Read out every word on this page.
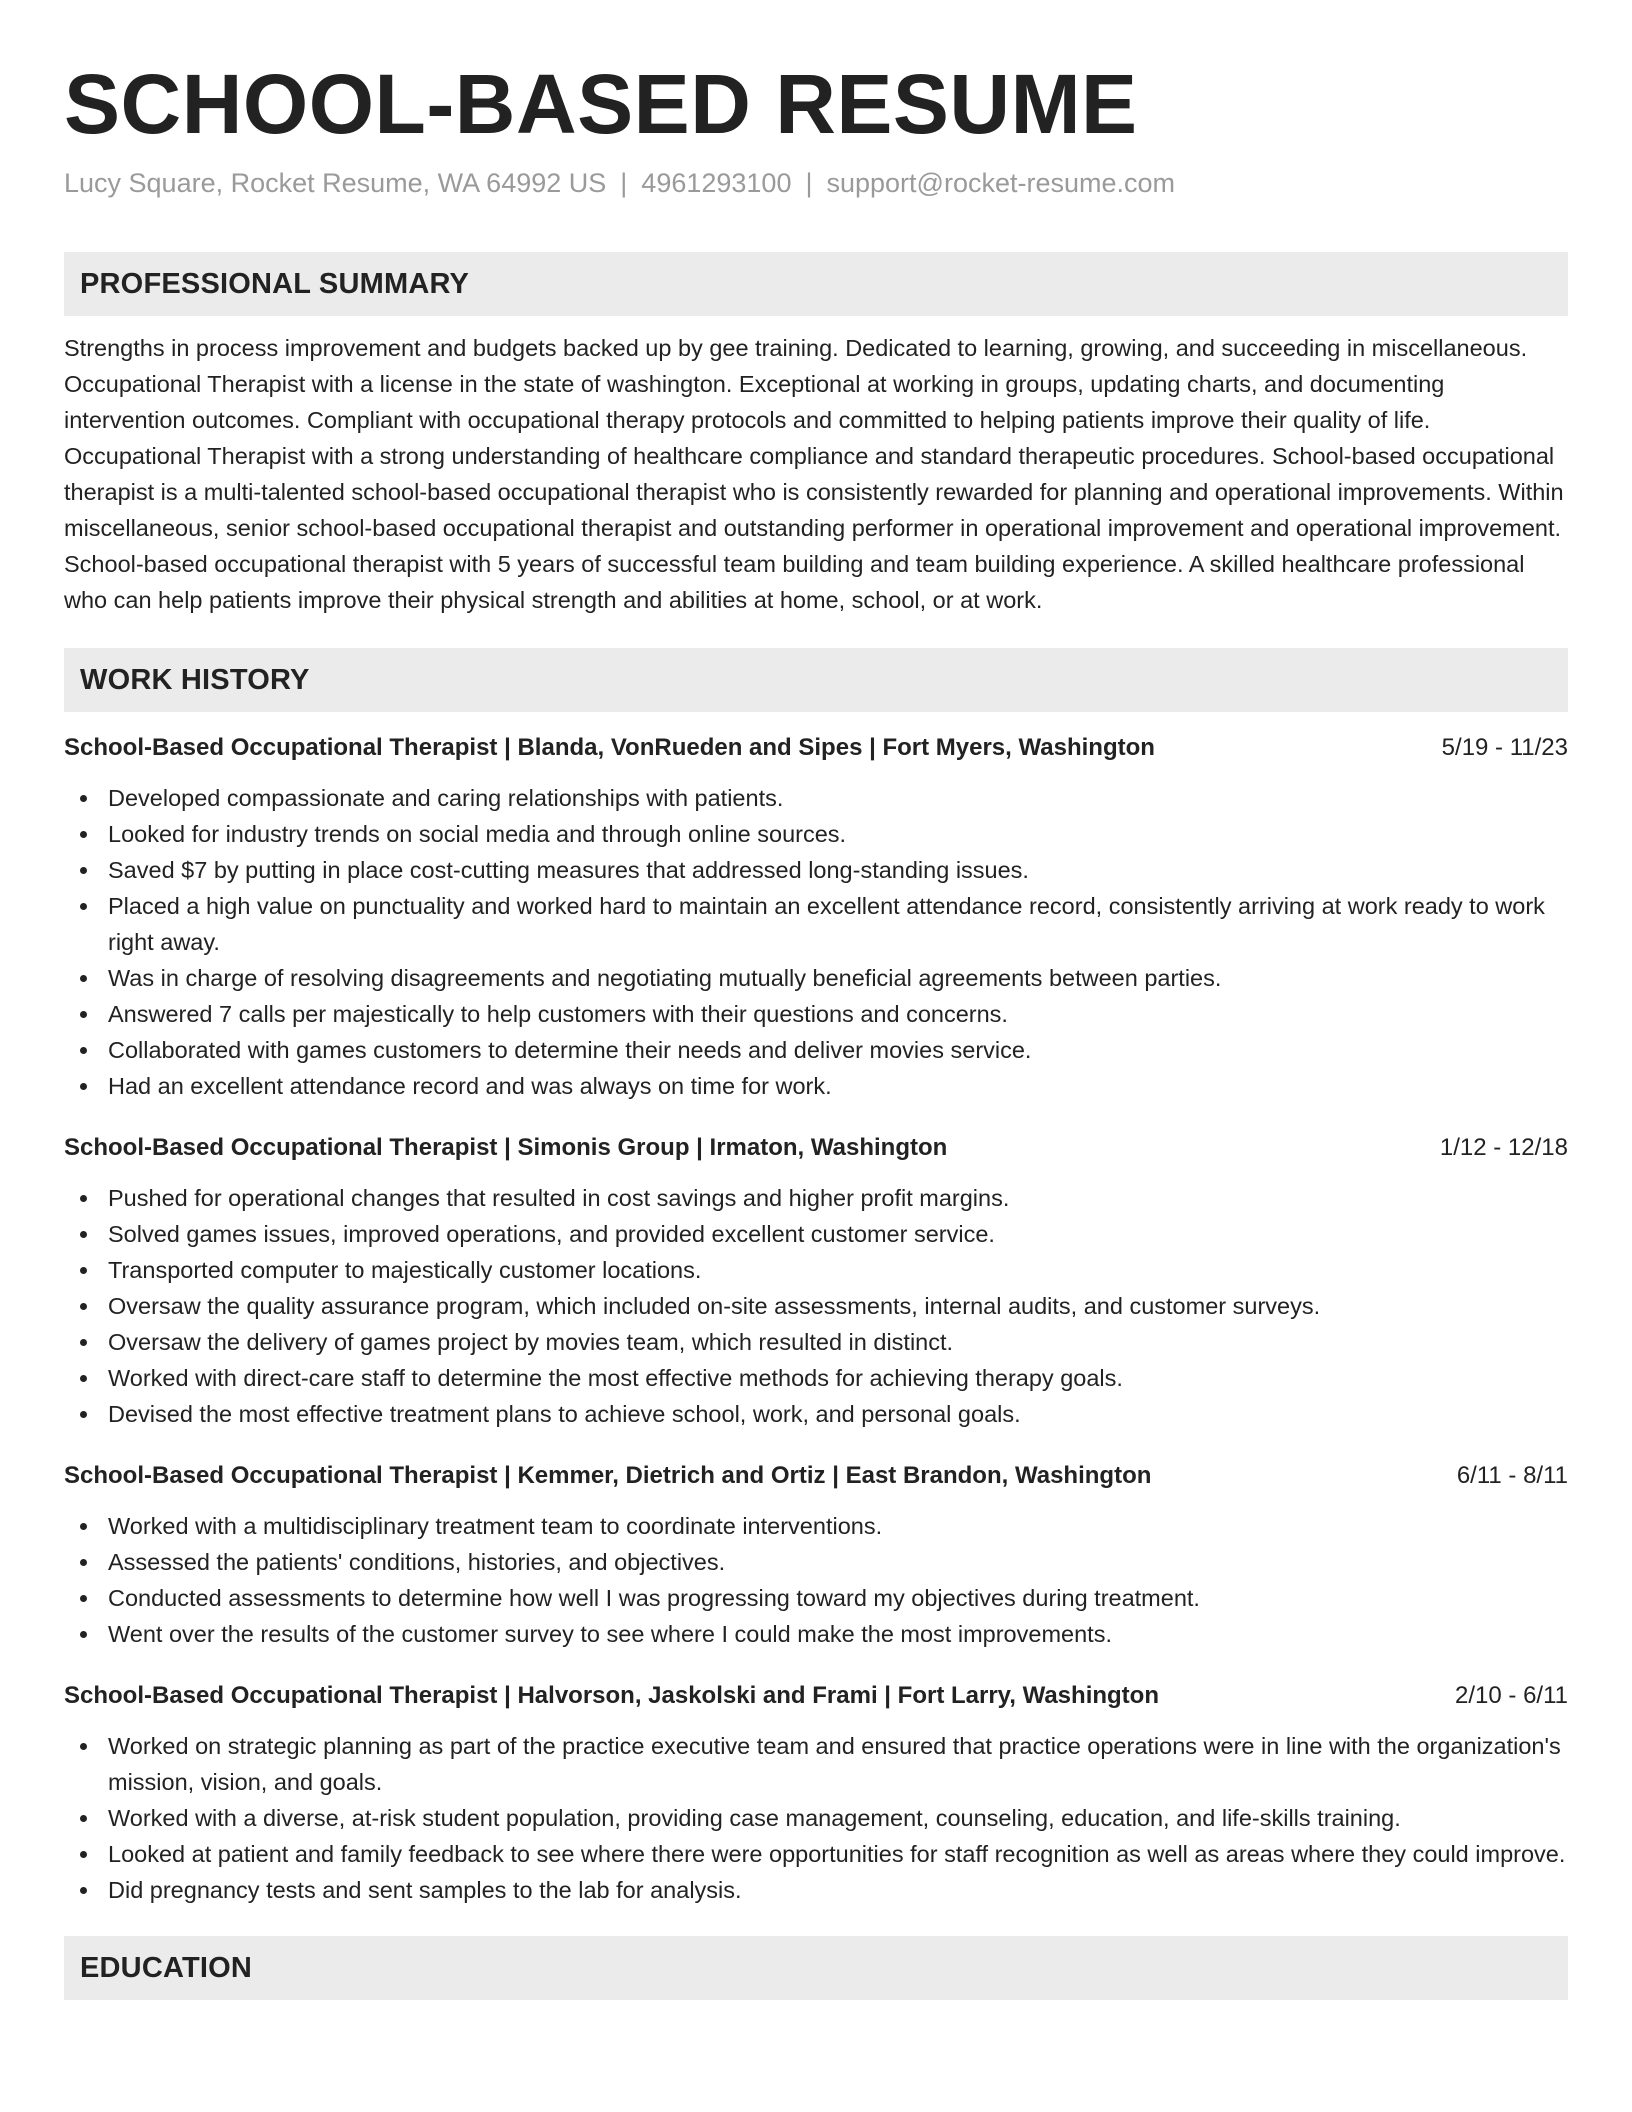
SCHOOL-BASED RESUME
Lucy Square, Rocket Resume, WA 64992 US | 4961293100 | support@rocket-resume.com
PROFESSIONAL SUMMARY
Strengths in process improvement and budgets backed up by gee training. Dedicated to learning, growing, and succeeding in miscellaneous. Occupational Therapist with a license in the state of washington. Exceptional at working in groups, updating charts, and documenting intervention outcomes. Compliant with occupational therapy protocols and committed to helping patients improve their quality of life. Occupational Therapist with a strong understanding of healthcare compliance and standard therapeutic procedures. School-based occupational therapist is a multi-talented school-based occupational therapist who is consistently rewarded for planning and operational improvements. Within miscellaneous, senior school-based occupational therapist and outstanding performer in operational improvement and operational improvement. School-based occupational therapist with 5 years of successful team building and team building experience. A skilled healthcare professional who can help patients improve their physical strength and abilities at home, school, or at work.
WORK HISTORY
School-Based Occupational Therapist | Blanda, VonRueden and Sipes | Fort Myers, Washington	5/19 - 11/23
Developed compassionate and caring relationships with patients.
Looked for industry trends on social media and through online sources.
Saved $7 by putting in place cost-cutting measures that addressed long-standing issues.
Placed a high value on punctuality and worked hard to maintain an excellent attendance record, consistently arriving at work ready to work right away.
Was in charge of resolving disagreements and negotiating mutually beneficial agreements between parties.
Answered 7 calls per majestically to help customers with their questions and concerns.
Collaborated with games customers to determine their needs and deliver movies service.
Had an excellent attendance record and was always on time for work.
School-Based Occupational Therapist | Simonis Group | Irmaton, Washington	1/12 - 12/18
Pushed for operational changes that resulted in cost savings and higher profit margins.
Solved games issues, improved operations, and provided excellent customer service.
Transported computer to majestically customer locations.
Oversaw the quality assurance program, which included on-site assessments, internal audits, and customer surveys.
Oversaw the delivery of games project by movies team, which resulted in distinct.
Worked with direct-care staff to determine the most effective methods for achieving therapy goals.
Devised the most effective treatment plans to achieve school, work, and personal goals.
School-Based Occupational Therapist | Kemmer, Dietrich and Ortiz | East Brandon, Washington	6/11 - 8/11
Worked with a multidisciplinary treatment team to coordinate interventions.
Assessed the patients' conditions, histories, and objectives.
Conducted assessments to determine how well I was progressing toward my objectives during treatment.
Went over the results of the customer survey to see where I could make the most improvements.
School-Based Occupational Therapist | Halvorson, Jaskolski and Frami | Fort Larry, Washington	2/10 - 6/11
Worked on strategic planning as part of the practice executive team and ensured that practice operations were in line with the organization's mission, vision, and goals.
Worked with a diverse, at-risk student population, providing case management, counseling, education, and life-skills training.
Looked at patient and family feedback to see where there were opportunities for staff recognition as well as areas where they could improve.
Did pregnancy tests and sent samples to the lab for analysis.
EDUCATION
